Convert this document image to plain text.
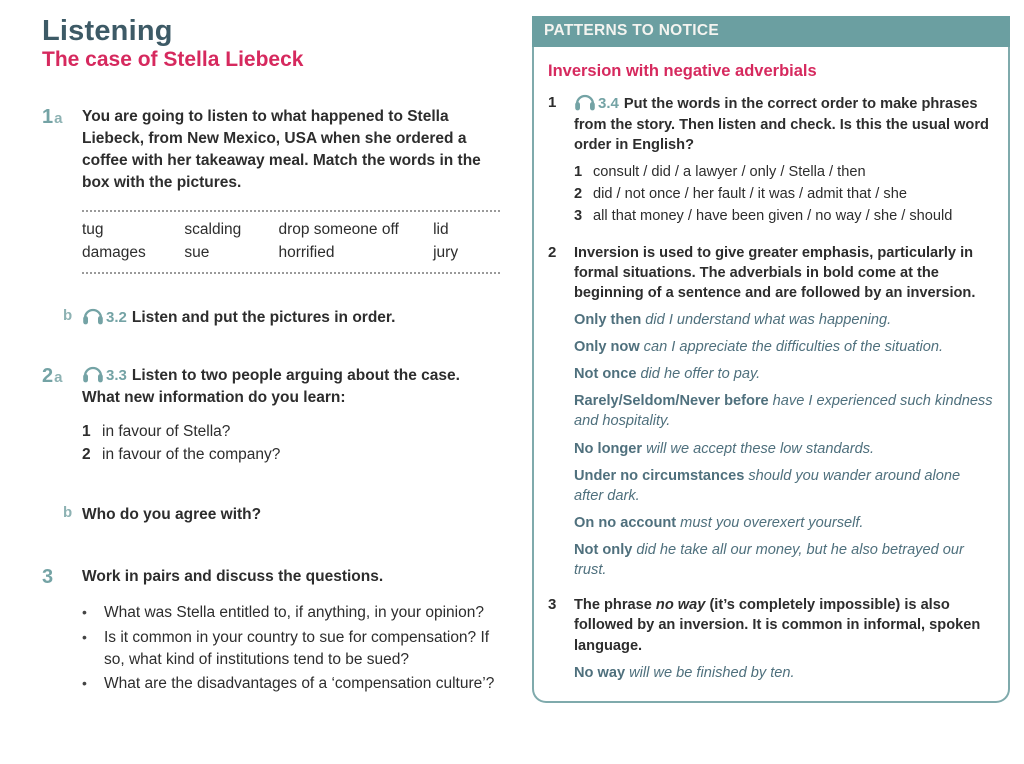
Listening
The case of Stella Liebeck
1a	You are going to listen to what happened to Stella Liebeck, from New Mexico, USA when she ordered a coffee with her takeaway meal. Match the words in the box with the pictures.
tug	scalding	drop someone off	lid
damages	sue	horrified	jury
b	3.2 Listen and put the pictures in order.
2a	3.3 Listen to two people arguing about the case. What new information do you learn:
1 in favour of Stella?
2 in favour of the company?
b Who do you agree with?
3	Work in pairs and discuss the questions.
•	What was Stella entitled to, if anything, in your opinion?
•	Is it common in your country to sue for compensation? If so, what kind of institutions tend to be sued?
•	What are the disadvantages of a ‘compensation culture’?
PATTERNS TO NOTICE
Inversion with negative adverbials
1	3.4 Put the words in the correct order to make phrases from the story. Then listen and check. Is this the usual word order in English?
1 consult / did / a lawyer / only / Stella / then
2 did / not once / her fault / it was / admit that / she
3 all that money / have been given / no way / she / should
2	Inversion is used to give greater emphasis, particularly in formal situations. The adverbials in bold come at the beginning of a sentence and are followed by an inversion.
Only then did I understand what was happening.
Only now can I appreciate the difficulties of the situation.
Not once did he offer to pay.
Rarely/Seldom/Never before have I experienced such kindness and hospitality.
No longer will we accept these low standards.
Under no circumstances should you wander around alone after dark.
On no account must you overexert yourself.
Not only did he take all our money, but he also betrayed our trust.
3	The phrase no way (it’s completely impossible) is also followed by an inversion. It is common in informal, spoken language.
No way will we be finished by ten.
